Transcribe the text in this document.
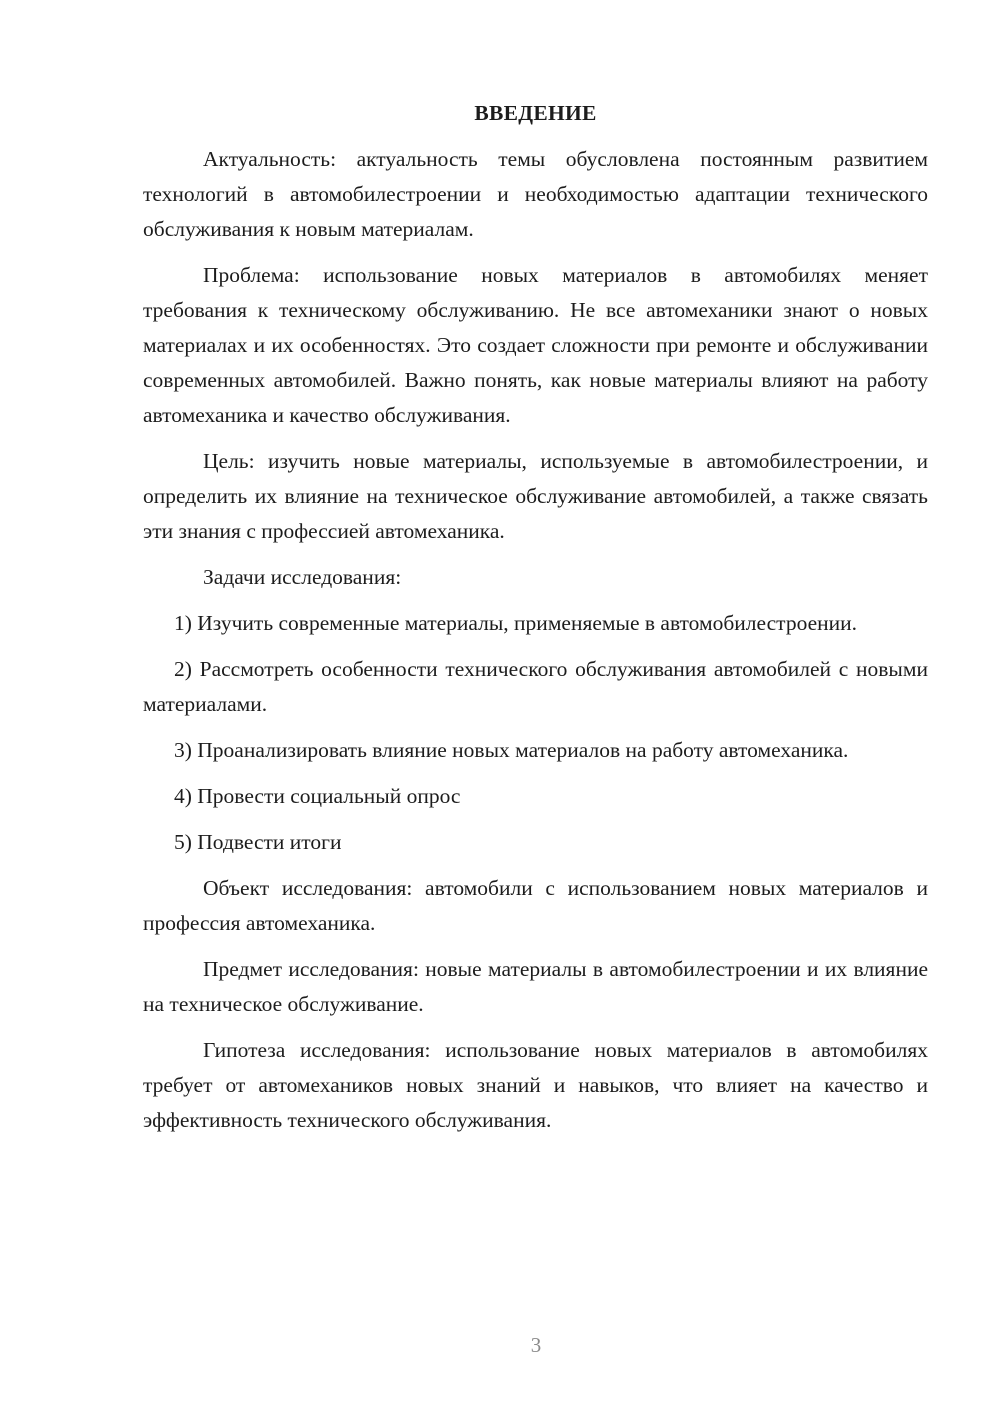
ВВЕДЕНИЕ

Актуальность: актуальность темы обусловлена постоянным развитием технологий в автомобилестроении и необходимостью адаптации технического обслуживания к новым материалам.

Проблема: использование новых материалов в автомобилях меняет требования к техническому обслуживанию. Не все автомеханики знают о новых материалах и их особенностях. Это создает сложности при ремонте и обслуживании современных автомобилей. Важно понять, как новые материалы влияют на работу автомеханика и качество обслуживания.

Цель: изучить новые материалы, используемые в автомобилестроении, и определить их влияние на техническое обслуживание автомобилей, а также связать эти знания с профессией автомеханика.

Задачи исследования:

1) Изучить современные материалы, применяемые в автомобилестроении.

2) Рассмотреть особенности технического обслуживания автомобилей с новыми материалами.

3) Проанализировать влияние новых материалов на работу автомеханика.

4) Провести социальный опрос

5) Подвести итоги

Объект исследования: автомобили с использованием новых материалов и профессия автомеханика.

Предмет исследования: новые материалы в автомобилестроении и их влияние на техническое обслуживание.

Гипотеза исследования: использование новых материалов в автомобилях требует от автомехаников новых знаний и навыков, что влияет на качество и эффективность технического обслуживания.

3
